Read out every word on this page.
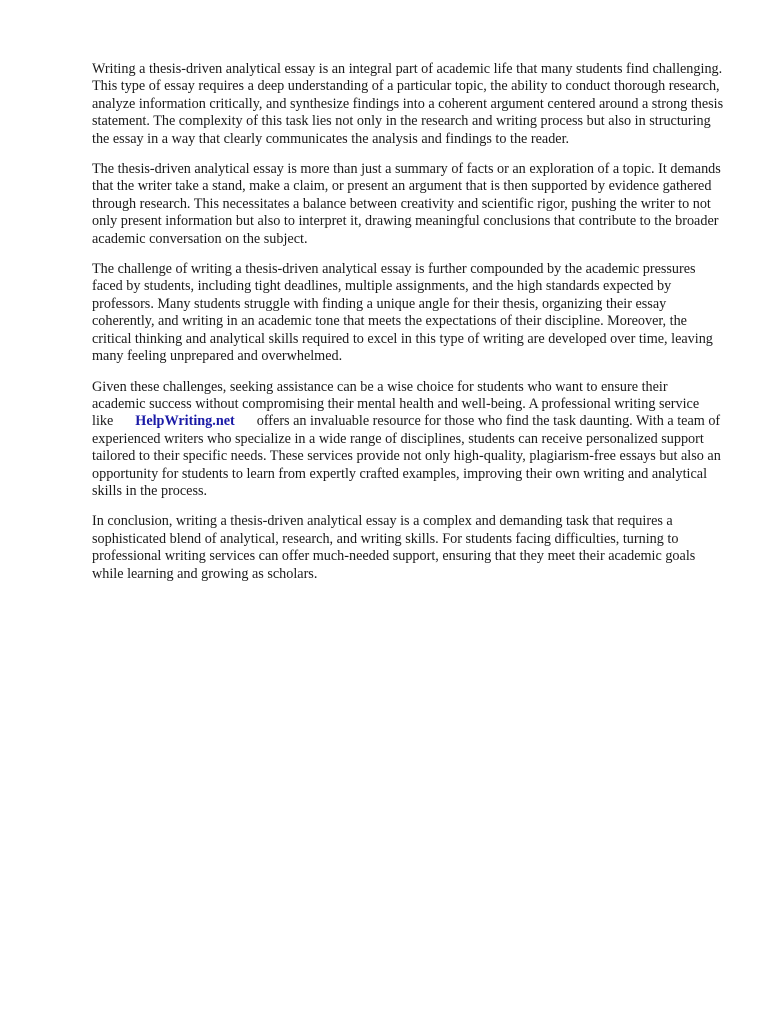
Writing a thesis-driven analytical essay is an integral part of academic life that many students find challenging. This type of essay requires a deep understanding of a particular topic, the ability to conduct thorough research, analyze information critically, and synthesize findings into a coherent argument centered around a strong thesis statement. The complexity of this task lies not only in the research and writing process but also in structuring the essay in a way that clearly communicates the analysis and findings to the reader.

The thesis-driven analytical essay is more than just a summary of facts or an exploration of a topic. It demands that the writer take a stand, make a claim, or present an argument that is then supported by evidence gathered through research. This necessitates a balance between creativity and scientific rigor, pushing the writer to not only present information but also to interpret it, drawing meaningful conclusions that contribute to the broader academic conversation on the subject.

The challenge of writing a thesis-driven analytical essay is further compounded by the academic pressures faced by students, including tight deadlines, multiple assignments, and the high standards expected by professors. Many students struggle with finding a unique angle for their thesis, organizing their essay coherently, and writing in an academic tone that meets the expectations of their discipline. Moreover, the critical thinking and analytical skills required to excel in this type of writing are developed over time, leaving many feeling unprepared and overwhelmed.

Given these challenges, seeking assistance can be a wise choice for students who want to ensure their academic success without compromising their mental health and well-being. A professional writing service like HelpWriting.net offers an invaluable resource for those who find the task daunting. With a team of experienced writers who specialize in a wide range of disciplines, students can receive personalized support tailored to their specific needs. These services provide not only high-quality, plagiarism-free essays but also an opportunity for students to learn from expertly crafted examples, improving their own writing and analytical skills in the process.

In conclusion, writing a thesis-driven analytical essay is a complex and demanding task that requires a sophisticated blend of analytical, research, and writing skills. For students facing difficulties, turning to professional writing services can offer much-needed support, ensuring that they meet their academic goals while learning and growing as scholars.
